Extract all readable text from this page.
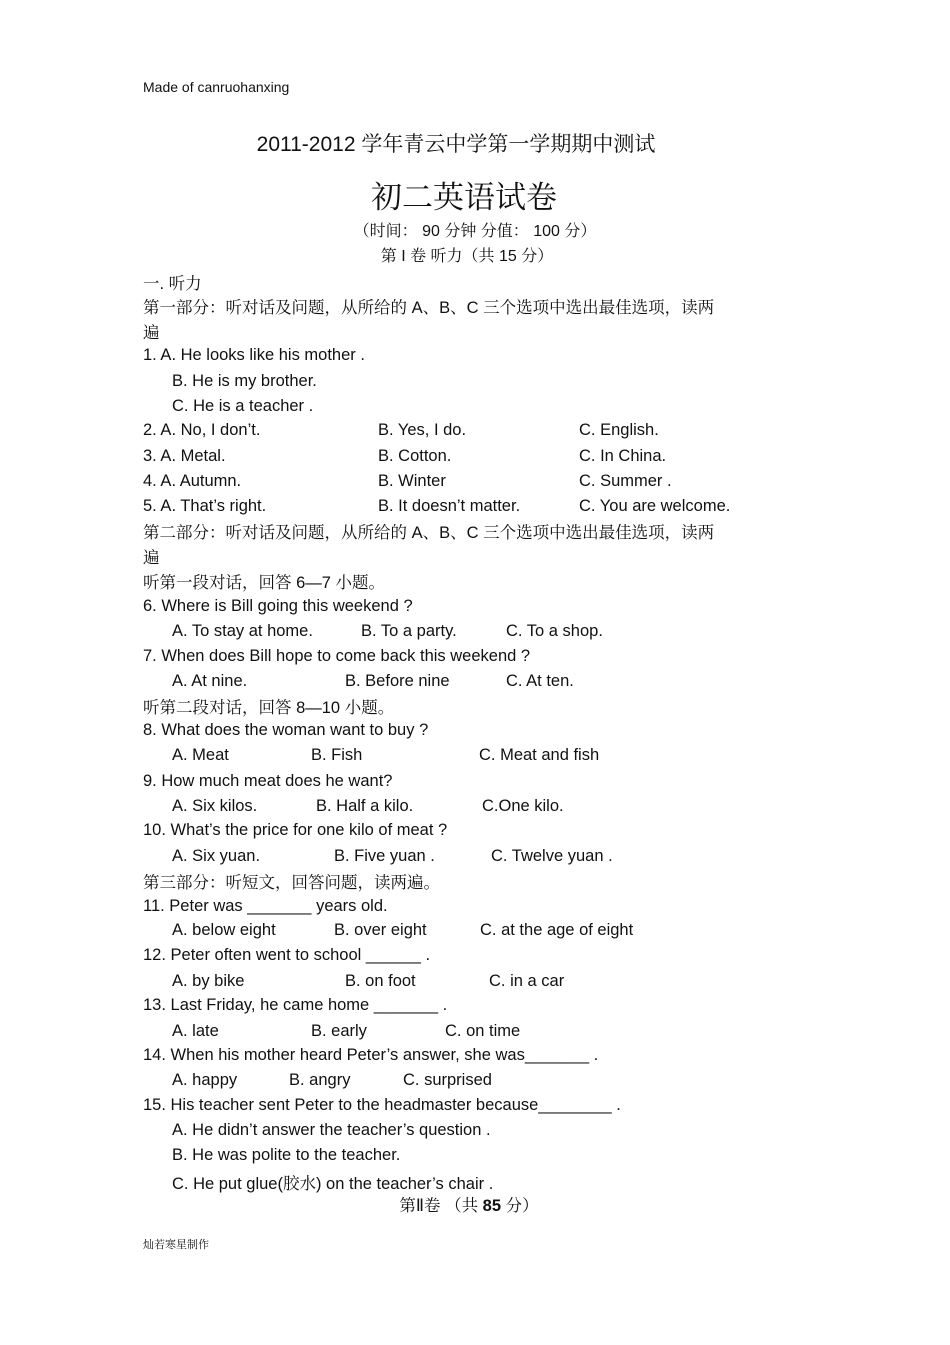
Made of canruohanxing
2011-2012 学年青云中学第一学期期中测试
初二英语试卷
（时间： 90 分钟 分值： 100 分）
第 I 卷 听力（共 15 分）
一. 听力
第一部分：听对话及问题，从所给的 A、B、C 三个选项中选出最佳选项，读两
遍
1. A. He looks like his mother .
B. He is my brother.
C. He is a teacher .
2. A. No, I don’t.	B. Yes, I do.	C. English.
3. A. Metal.	B. Cotton.	C. In China.
4. A. Autumn.	B. Winter	C. Summer .
5. A. That’s right.	B. It doesn’t matter.	C. You are welcome.
第二部分：听对话及问题，从所给的 A、B、C 三个选项中选出最佳选项，读两
遍
听第一段对话，回答 6—7 小题。
6. Where is Bill going this weekend ?
A. To stay at home.	B. To a party.	C. To a shop.
7. When does Bill hope to come back this weekend ?
A. At nine.	B. Before nine	C. At ten.
听第二段对话，回答 8—10 小题。
8. What does the woman want to buy ?
A. Meat	B. Fish	C. Meat and fish
9. How much meat does he want?
A. Six kilos.	B. Half a kilo.	C.One kilo.
10. What’s the price for one kilo of meat ?
A. Six yuan.	B. Five yuan .	C. Twelve yuan .
第三部分：听短文，回答问题，读两遍。
11. Peter was _______ years old.
A. below eight	B. over eight	C. at the age of eight
12. Peter often went to school ______ .
A. by bike	B. on foot	C. in a car
13. Last Friday, he came home _______ .
A. late	B. early	C. on time
14. When his mother heard Peter’s answer, she was_______ .
A. happy	B. angry	C. surprised
15. His teacher sent Peter to the headmaster because________ .
A. He didn’t answer the teacher’s question .
B. He was polite to the teacher.
C. He put glue(胶水) on the teacher’s chair .
第Ⅱ卷 （共 85 分）
灿若寒星制作
